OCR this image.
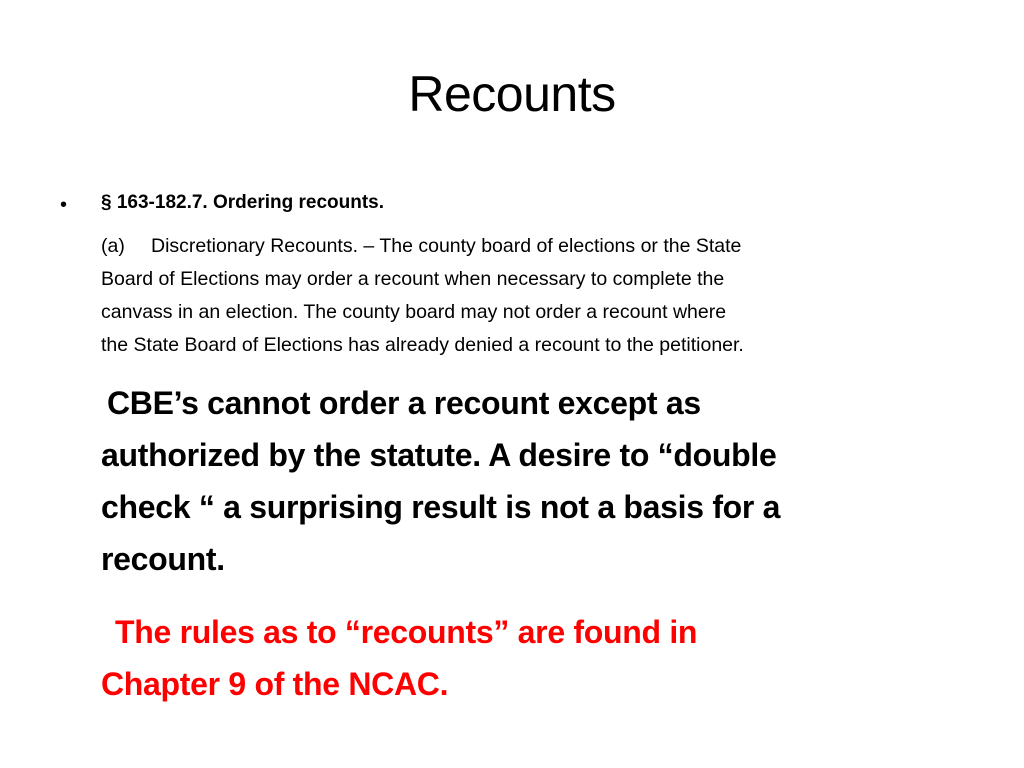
Recounts
• § 163-182.7. Ordering recounts.
(a) Discretionary Recounts. – The county board of elections or the State
Board of Elections may order a recount when necessary to complete the
canvass in an election. The county board may not order a recount where
the State Board of Elections has already denied a recount to the petitioner.
CBE’s cannot order a recount except as
authorized by the statute. A desire to “double
check “ a surprising result is not a basis for a
recount.
The rules as to “recounts” are found in
Chapter 9 of the NCAC.
